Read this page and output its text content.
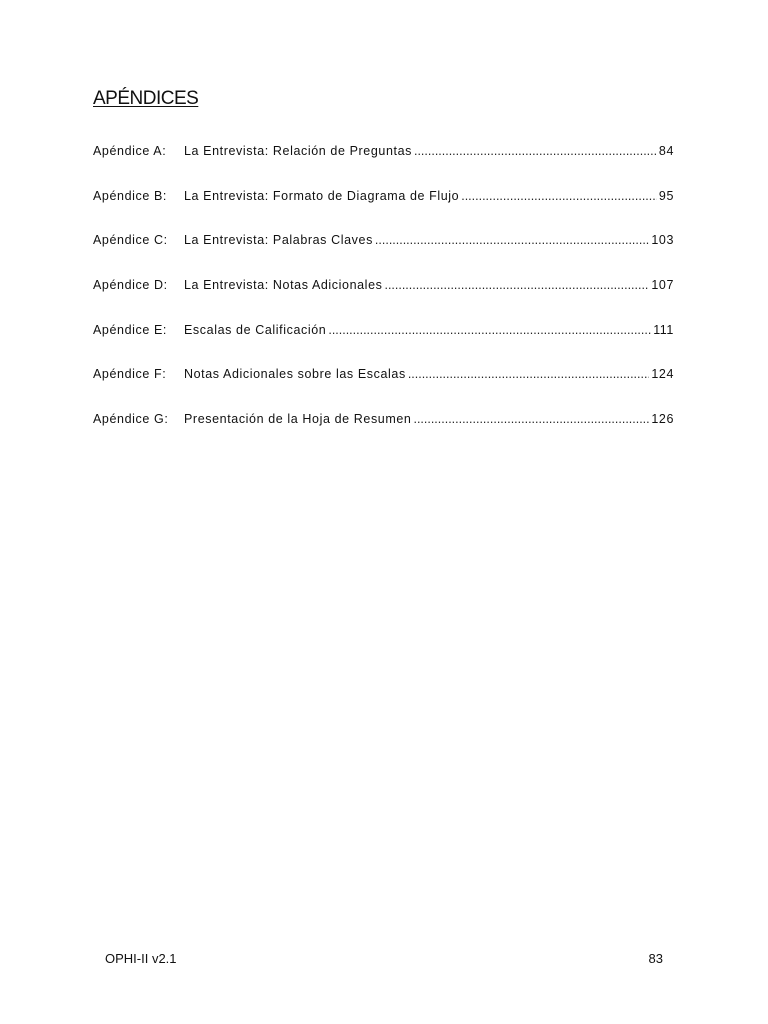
APÉNDICES
Apéndice A:	La Entrevista: Relación de Preguntas .....	84
Apéndice B:	La Entrevista: Formato de Diagrama de Flujo .....	95
Apéndice C:	La Entrevista: Palabras Claves .....	103
Apéndice D:	La Entrevista: Notas Adicionales .....	107
Apéndice E:	Escalas de Calificación .....	111
Apéndice F:	Notas Adicionales sobre las Escalas .....	124
Apéndice G:	Presentación de la Hoja de Resumen .....	126
OPHI-II v2.1	83
